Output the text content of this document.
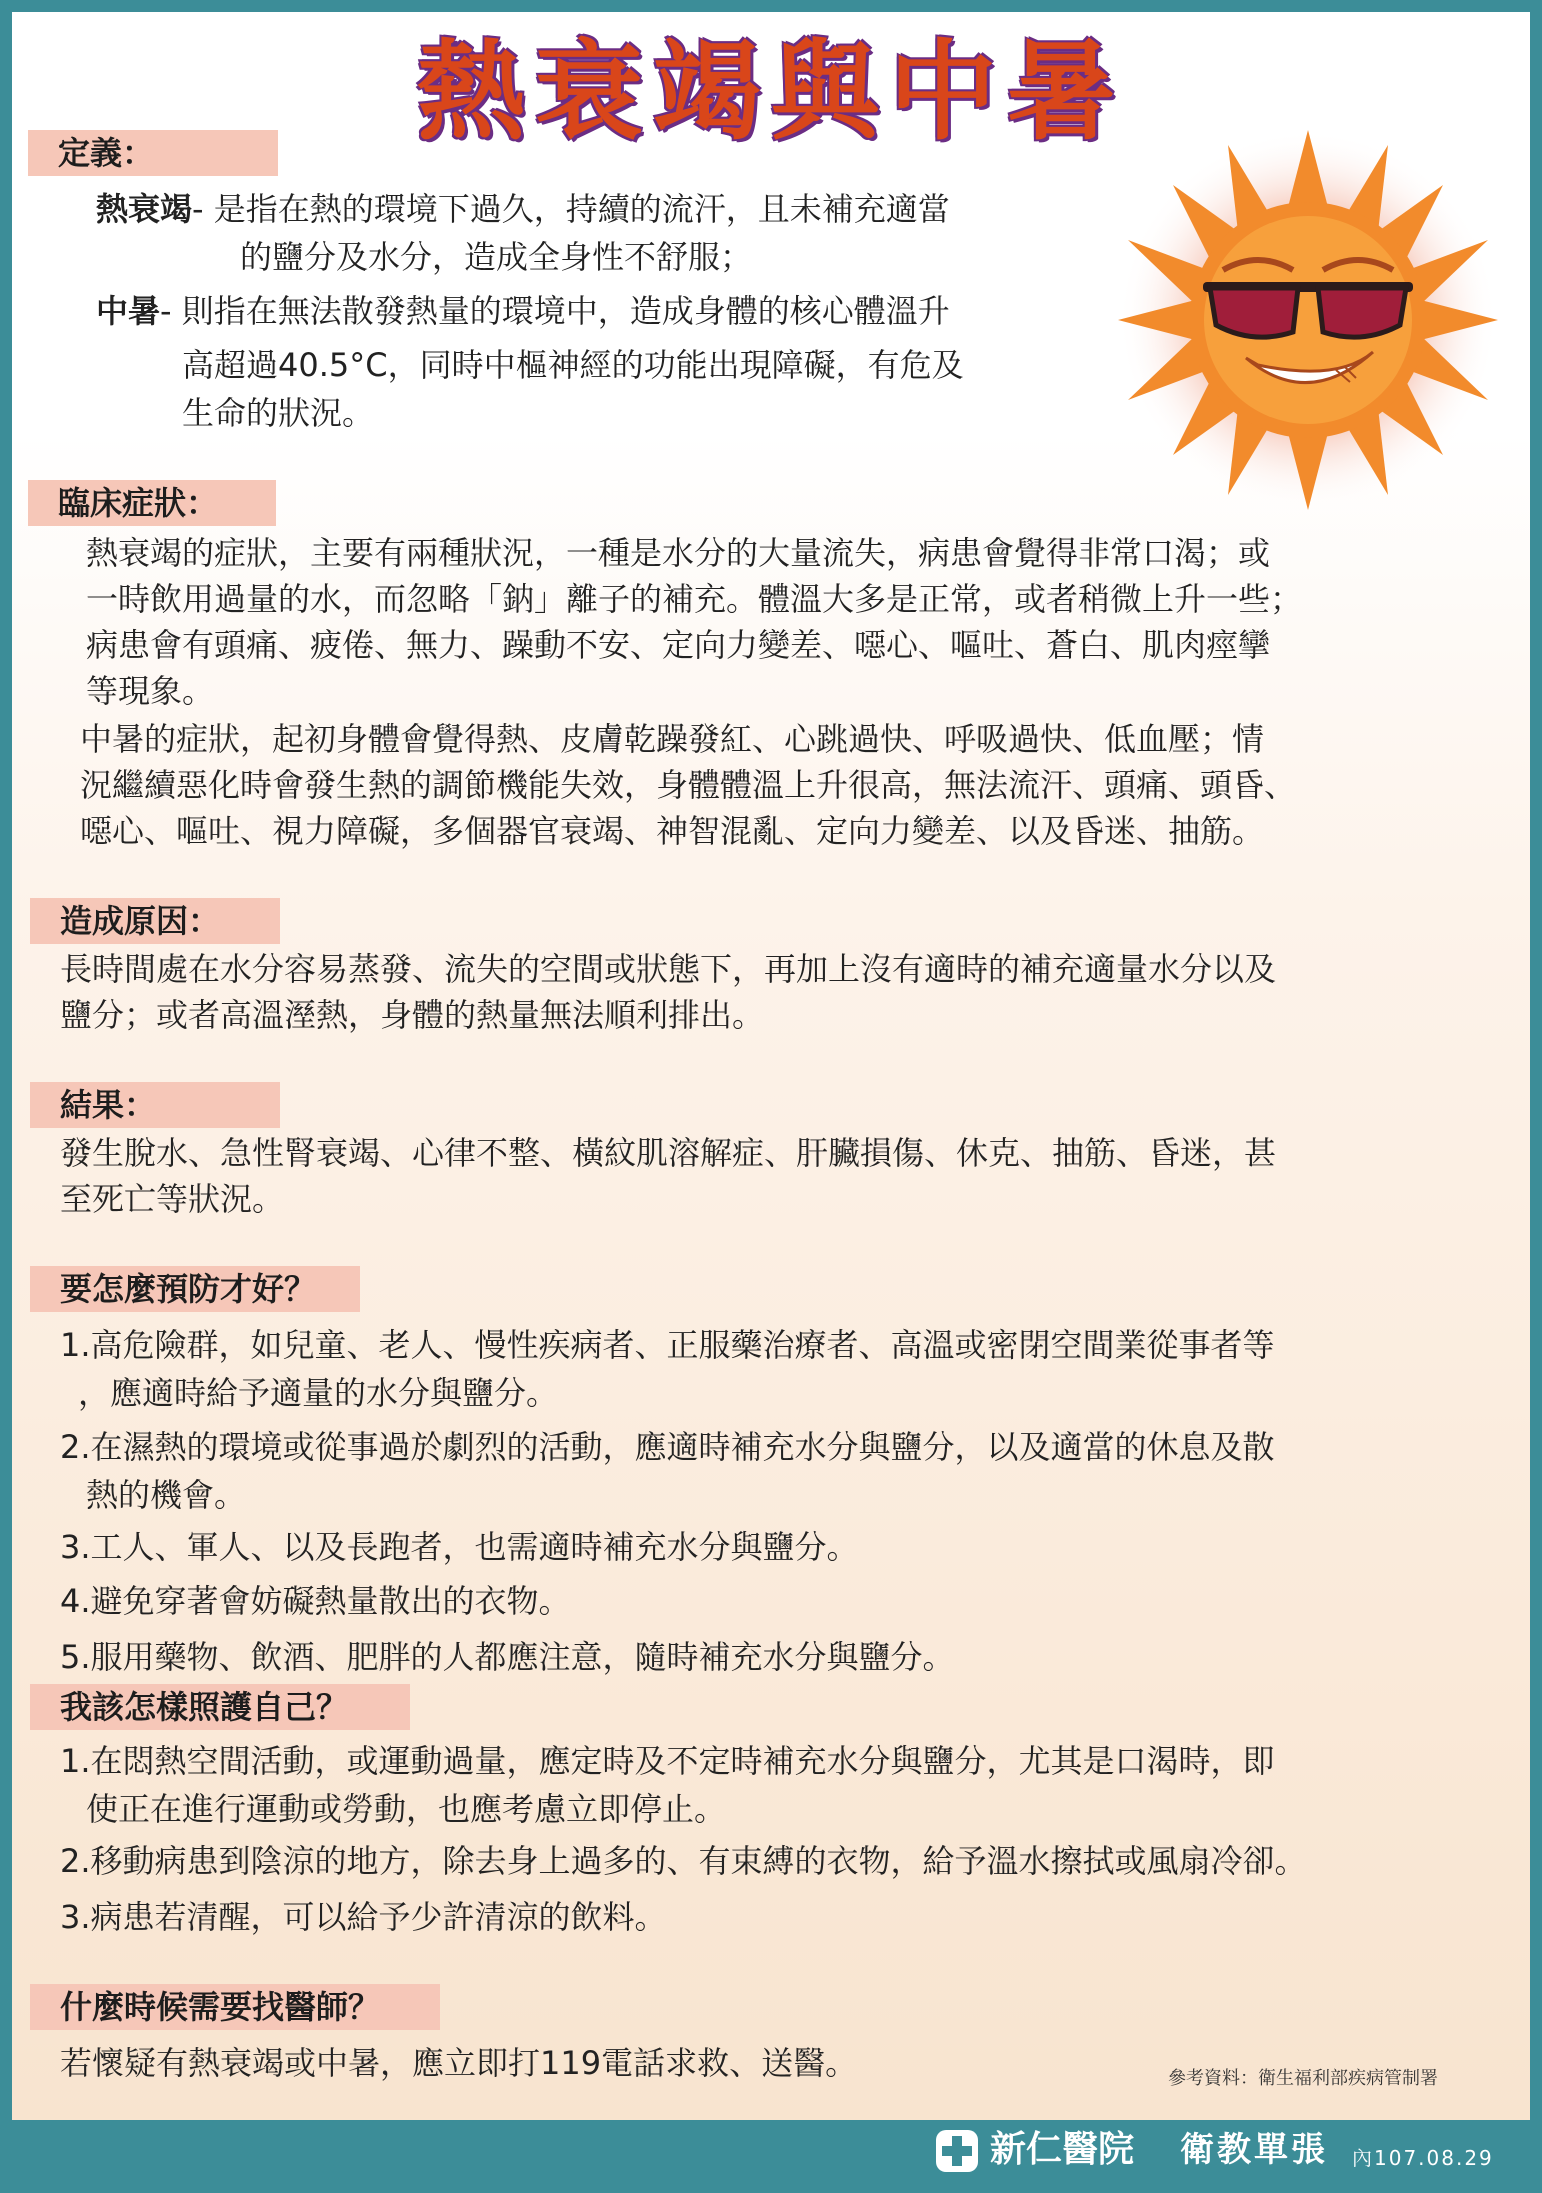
熱衰竭與中暑
定義：
熱衰竭- 是指在熱的環境下過久，持續的流汗，且未補充適當
的鹽分及水分，造成全身性不舒服；
中暑- 則指在無法散發熱量的環境中，造成身體的核心體溫升
高超過40.5°C，同時中樞神經的功能出現障礙，有危及
生命的狀況。
臨床症狀：
熱衰竭的症狀，主要有兩種狀況，一種是水分的大量流失，病患會覺得非常口渴；或
一時飲用過量的水，而忽略「鈉」離子的補充。體溫大多是正常，或者稍微上升一些；
病患會有頭痛、疲倦、無力、躁動不安、定向力變差、噁心、嘔吐、蒼白、肌肉痙攣
等現象。
中暑的症狀，起初身體會覺得熱、皮膚乾躁發紅、心跳過快、呼吸過快、低血壓；情
況繼續惡化時會發生熱的調節機能失效，身體體溫上升很高，無法流汗、頭痛、頭昏、
噁心、嘔吐、視力障礙，多個器官衰竭、神智混亂、定向力變差、以及昏迷、抽筋。
造成原因：
長時間處在水分容易蒸發、流失的空間或狀態下，再加上沒有適時的補充適量水分以及
鹽分；或者高溫溼熱，身體的熱量無法順利排出。
結果：
發生脫水、急性腎衰竭、心律不整、橫紋肌溶解症、肝臟損傷、休克、抽筋、昏迷，甚
至死亡等狀況。
要怎麼預防才好？
1.高危險群，如兒童、老人、慢性疾病者、正服藥治療者、高溫或密閉空間業從事者等
，應適時給予適量的水分與鹽分。
2.在濕熱的環境或從事過於劇烈的活動，應適時補充水分與鹽分，以及適當的休息及散
熱的機會。
3.工人、軍人、以及長跑者，也需適時補充水分與鹽分。
4.避免穿著會妨礙熱量散出的衣物。
5.服用藥物、飲酒、肥胖的人都應注意，隨時補充水分與鹽分。
我該怎樣照護自己？
1.在悶熱空間活動，或運動過量，應定時及不定時補充水分與鹽分，尤其是口渴時，即
使正在進行運動或勞動，也應考慮立即停止。
2.移動病患到陰涼的地方，除去身上過多的、有束縛的衣物，給予溫水擦拭或風扇冷卻。
3.病患若清醒，可以給予少許清涼的飲料。
什麼時候需要找醫師？
若懷疑有熱衰竭或中暑，應立即打119電話求救、送醫。	參考資料：衛生福利部疾病管制署
新仁醫院 衛教單張 內107.08.29
